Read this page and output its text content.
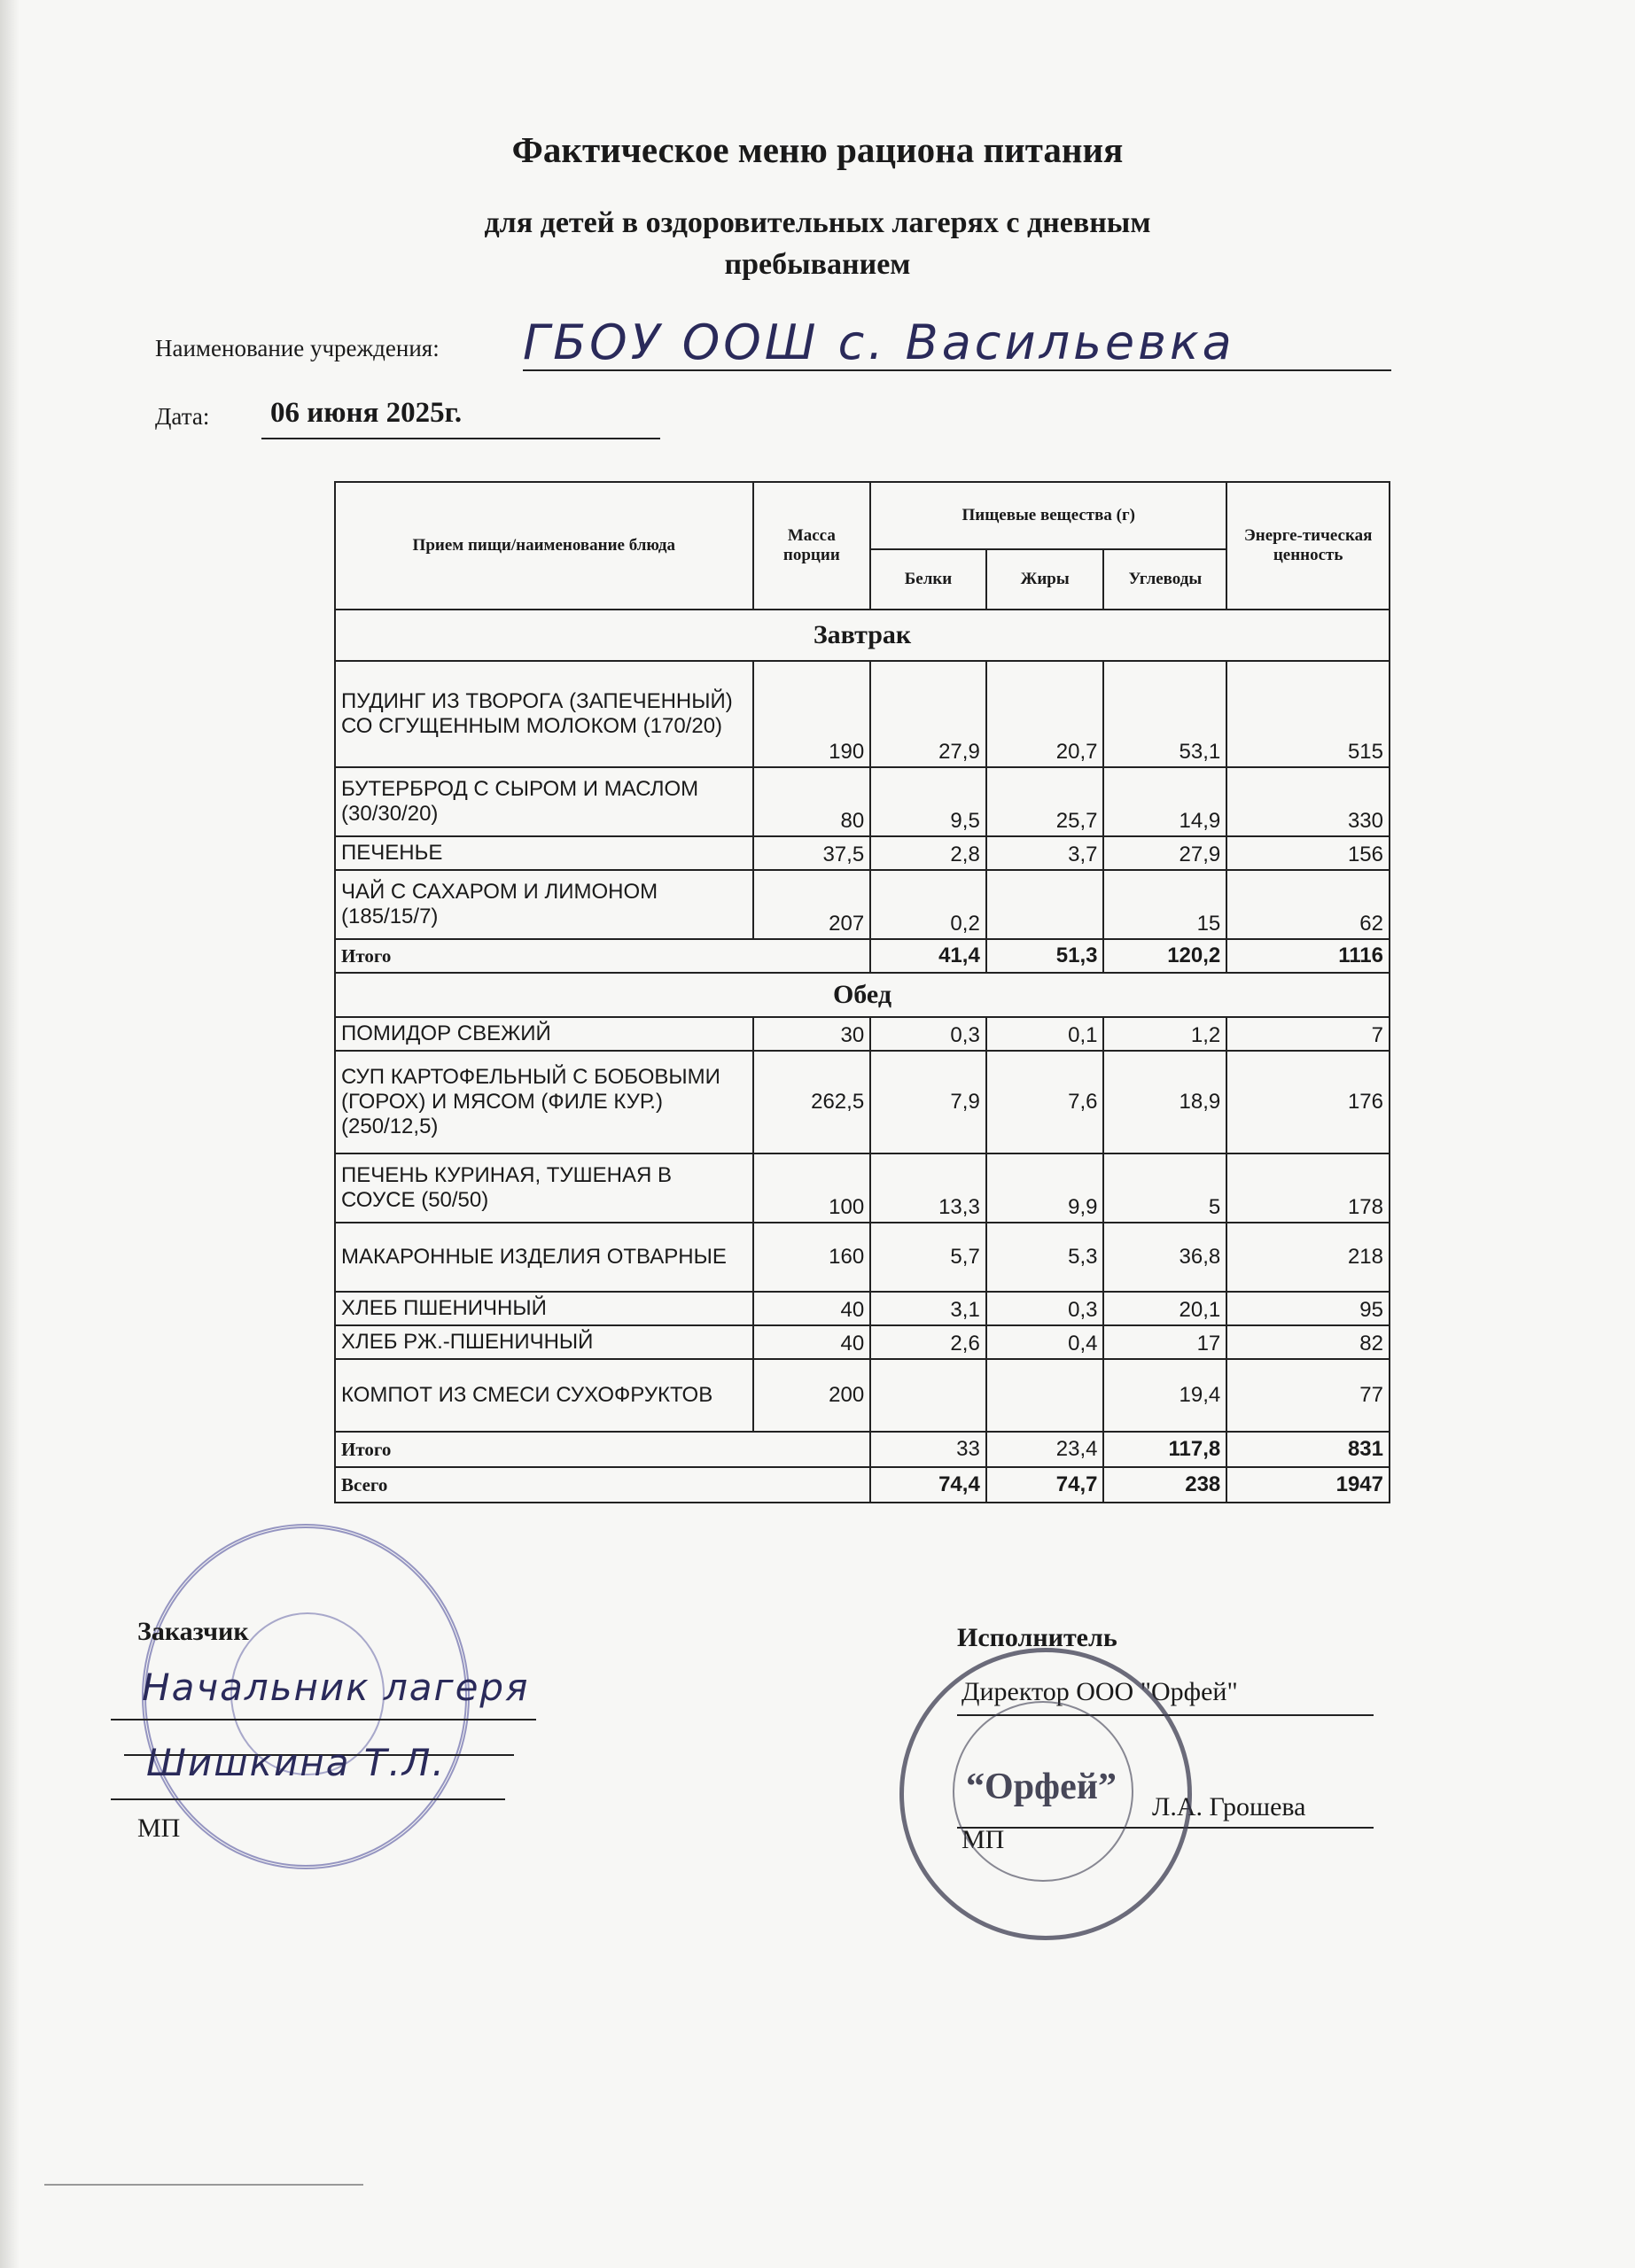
Фактическое меню рациона питания
для детей в оздоровительных лагерях с дневным
пребыванием
Наименование учреждения: ГБОУ ООШ с. Васильевка
Дата:	06 июня 2025г.
Прием пищи/наименование блюда	Масса порции	Пищевые вещества (г)			Энерге-тическая ценность
		Белки	Жиры	Углеводы	
Завтрак					
ПУДИНГ ИЗ ТВОРОГА (ЗАПЕЧЕННЫЙ) СО СГУЩЕННЫМ МОЛОКОМ (170/20)	190	27,9	20,7	53,1	515
БУТЕРБРОД С СЫРОМ И МАСЛОМ (30/30/20)	80	9,5	25,7	14,9	330
ПЕЧЕНЬЕ	37,5	2,8	3,7	27,9	156
ЧАЙ С САХАРОМ И ЛИМОНОМ (185/15/7)	207	0,2		15	62
Итого		41,4	51,3	120,2	1116
Обед					
ПОМИДОР СВЕЖИЙ	30	0,3	0,1	1,2	7
СУП КАРТОФЕЛЬНЫЙ С БОБОВЫМИ (ГОРОХ) И МЯСОМ (ФИЛЕ КУР.) (250/12,5)	262,5	7,9	7,6	18,9	176
ПЕЧЕНЬ КУРИНАЯ, ТУШЕНАЯ В СОУСЕ (50/50)	100	13,3	9,9	5	178
МАКАРОННЫЕ ИЗДЕЛИЯ ОТВАРНЫЕ	160	5,7	5,3	36,8	218
ХЛЕБ ПШЕНИЧНЫЙ	40	3,1	0,3	20,1	95
ХЛЕБ РЖ.-ПШЕНИЧНЫЙ	40	2,6	0,4	17	82
КОМПОТ ИЗ СМЕСИ СУХОФРУКТОВ	200			19,4	77
Итого		33	23,4	117,8	831
Всего		74,4	74,7	238	1947
Заказчик
Начальник лагеря
Шишкина Т.Л.
МП
Исполнитель
Директор ООО "Орфей"
Л.А. Грошева
МП
“Орфей”
